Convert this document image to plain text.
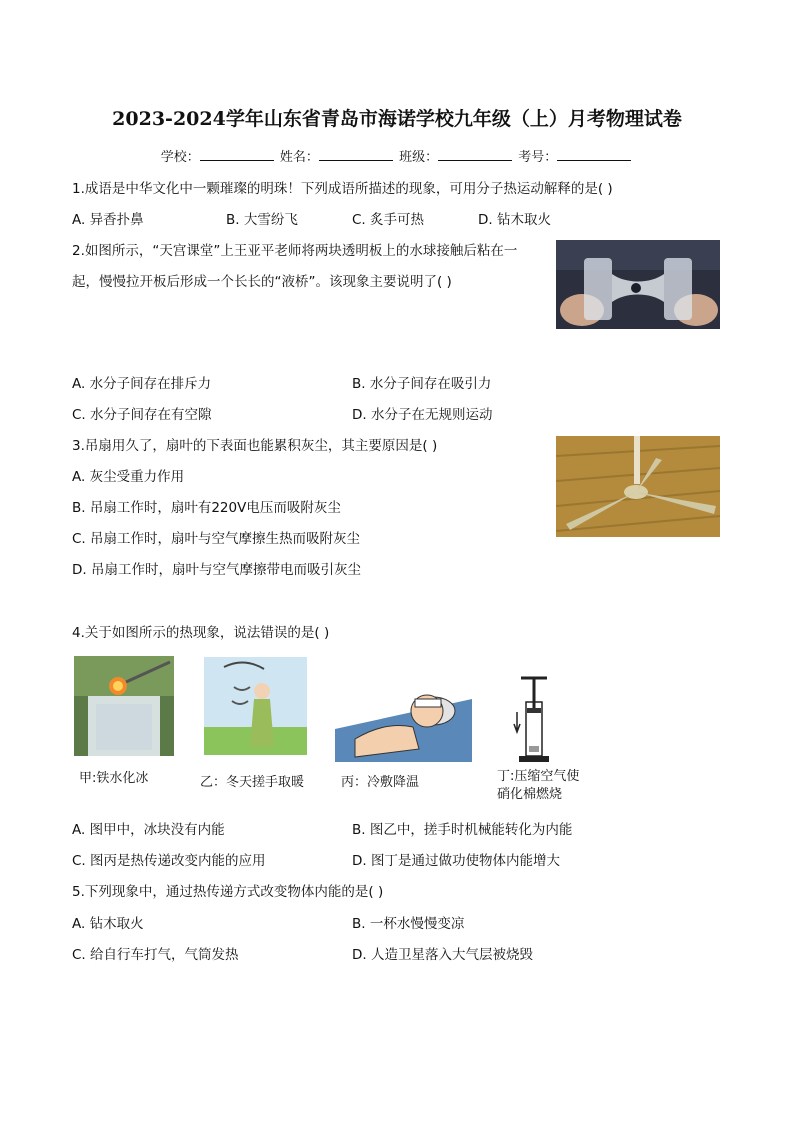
2023-2024学年山东省青岛市海诺学校九年级（上）月考物理试卷
学校：	姓名：	班级：	考号：
1.成语是中华文化中一颗璀璨的明珠！下列成语所描述的现象，可用分子热运动解释的是( )
A. 异香扑鼻	B. 大雪纷飞	C. 炙手可热	D. 钻木取火
2.如图所示，“天宫课堂”上王亚平老师将两块透明板上的水球接触后粘在一
起，慢慢拉开板后形成一个长长的“液桥”。该现象主要说明了( )
A. 水分子间存在排斥力	B. 水分子间存在吸引力
C. 水分子间存在有空隙	D. 水分子在无规则运动
3.吊扇用久了，扇叶的下表面也能累积灰尘，其主要原因是( )
A. 灰尘受重力作用
B. 吊扇工作时，扇叶有220V电压而吸附灰尘
C. 吊扇工作时，扇叶与空气摩擦生热而吸附灰尘
D. 吊扇工作时，扇叶与空气摩擦带电而吸引灰尘
4.关于如图所示的热现象，说法错误的是( )
甲:铁水化冰	乙：冬天搓手取暖	丙：冷敷降温	丁:压缩空气使
硝化棉燃烧
A. 图甲中，冰块没有内能	B. 图乙中，搓手时机械能转化为内能
C. 图丙是热传递改变内能的应用	D. 图丁是通过做功使物体内能增大
5.下列现象中，通过热传递方式改变物体内能的是( )
A. 钻木取火	B. 一杯水慢慢变凉
C. 给自行车打气，气筒发热	D. 人造卫星落入大气层被烧毁
